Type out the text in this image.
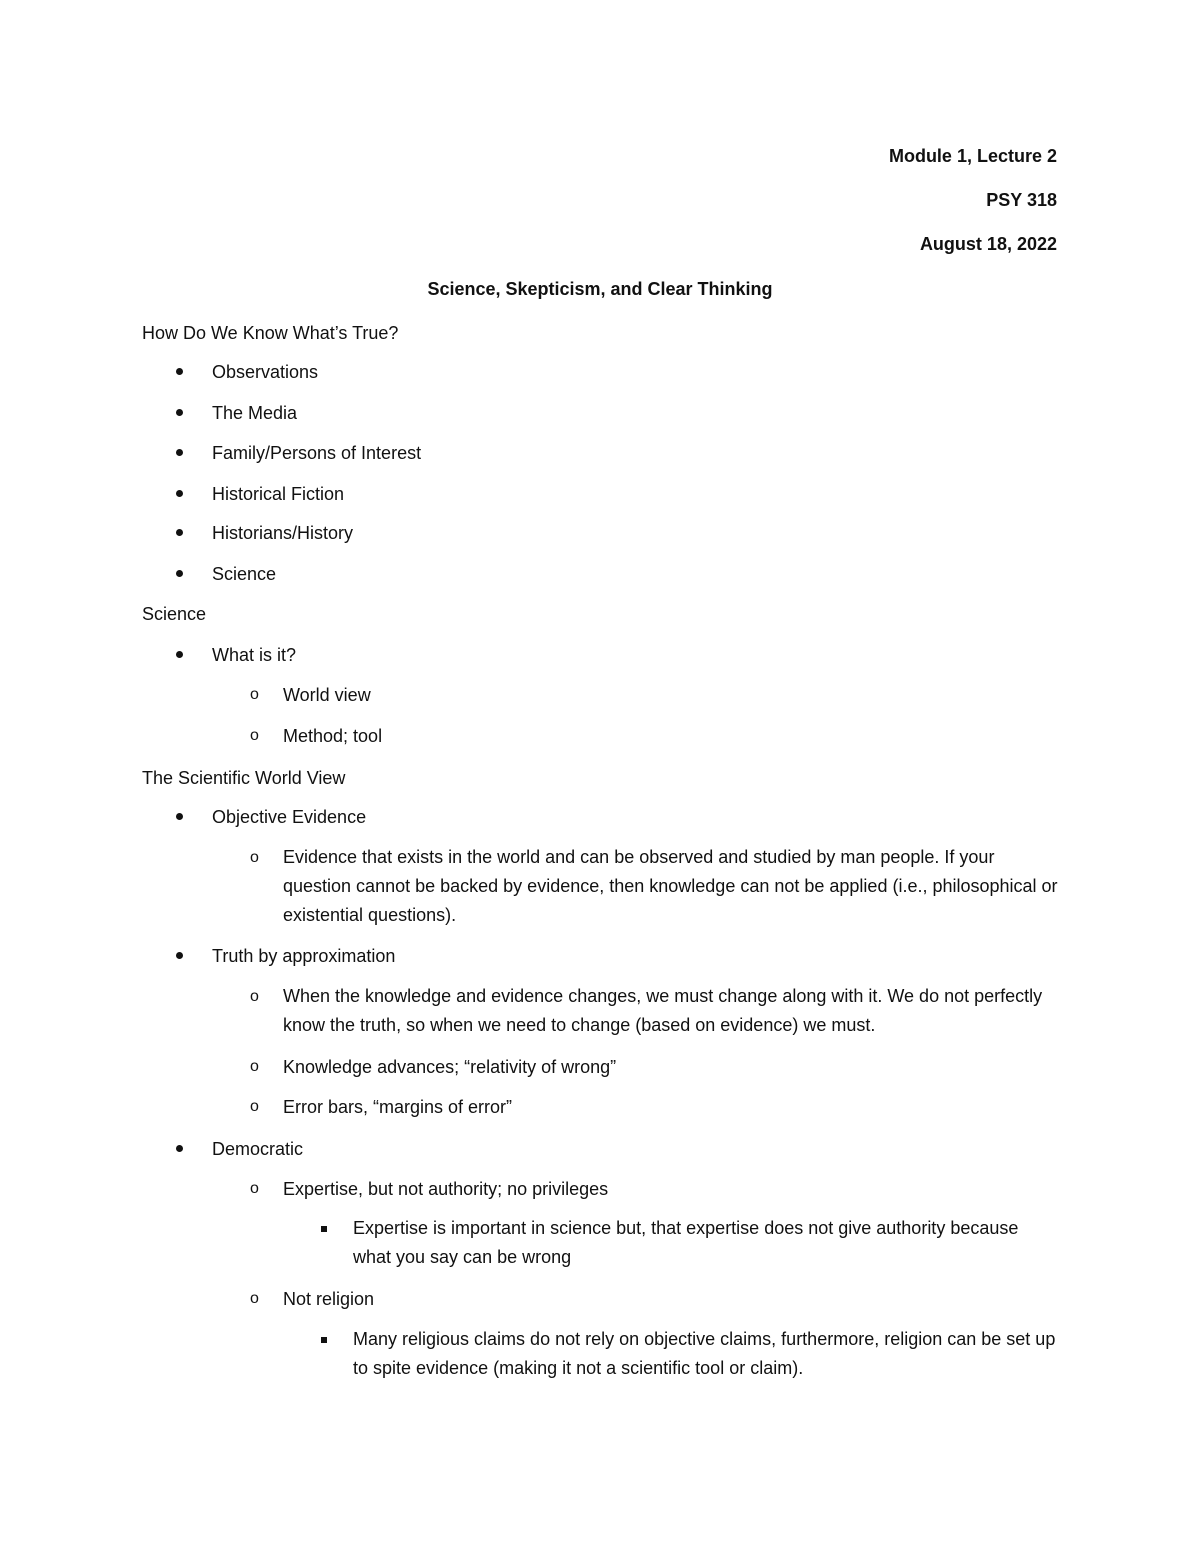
Module 1, Lecture 2
PSY 318
August 18, 2022
Science, Skepticism, and Clear Thinking
How Do We Know What’s True?
Observations
The Media
Family/Persons of Interest
Historical Fiction
Historians/History
Science
Science
What is it?
o World view
o Method; tool
The Scientific World View
Objective Evidence
o Evidence that exists in the world and can be observed and studied by man people. If your question cannot be backed by evidence, then knowledge can not be applied (i.e., philosophical or existential questions).
Truth by approximation
o When the knowledge and evidence changes, we must change along with it. We do not perfectly know the truth, so when we need to change (based on evidence) we must.
o Knowledge advances; “relativity of wrong”
o Error bars, “margins of error”
Democratic
o Expertise, but not authority; no privileges
Expertise is important in science but, that expertise does not give authority because what you say can be wrong
o Not religion
Many religious claims do not rely on objective claims, furthermore, religion can be set up to spite evidence (making it not a scientific tool or claim).
